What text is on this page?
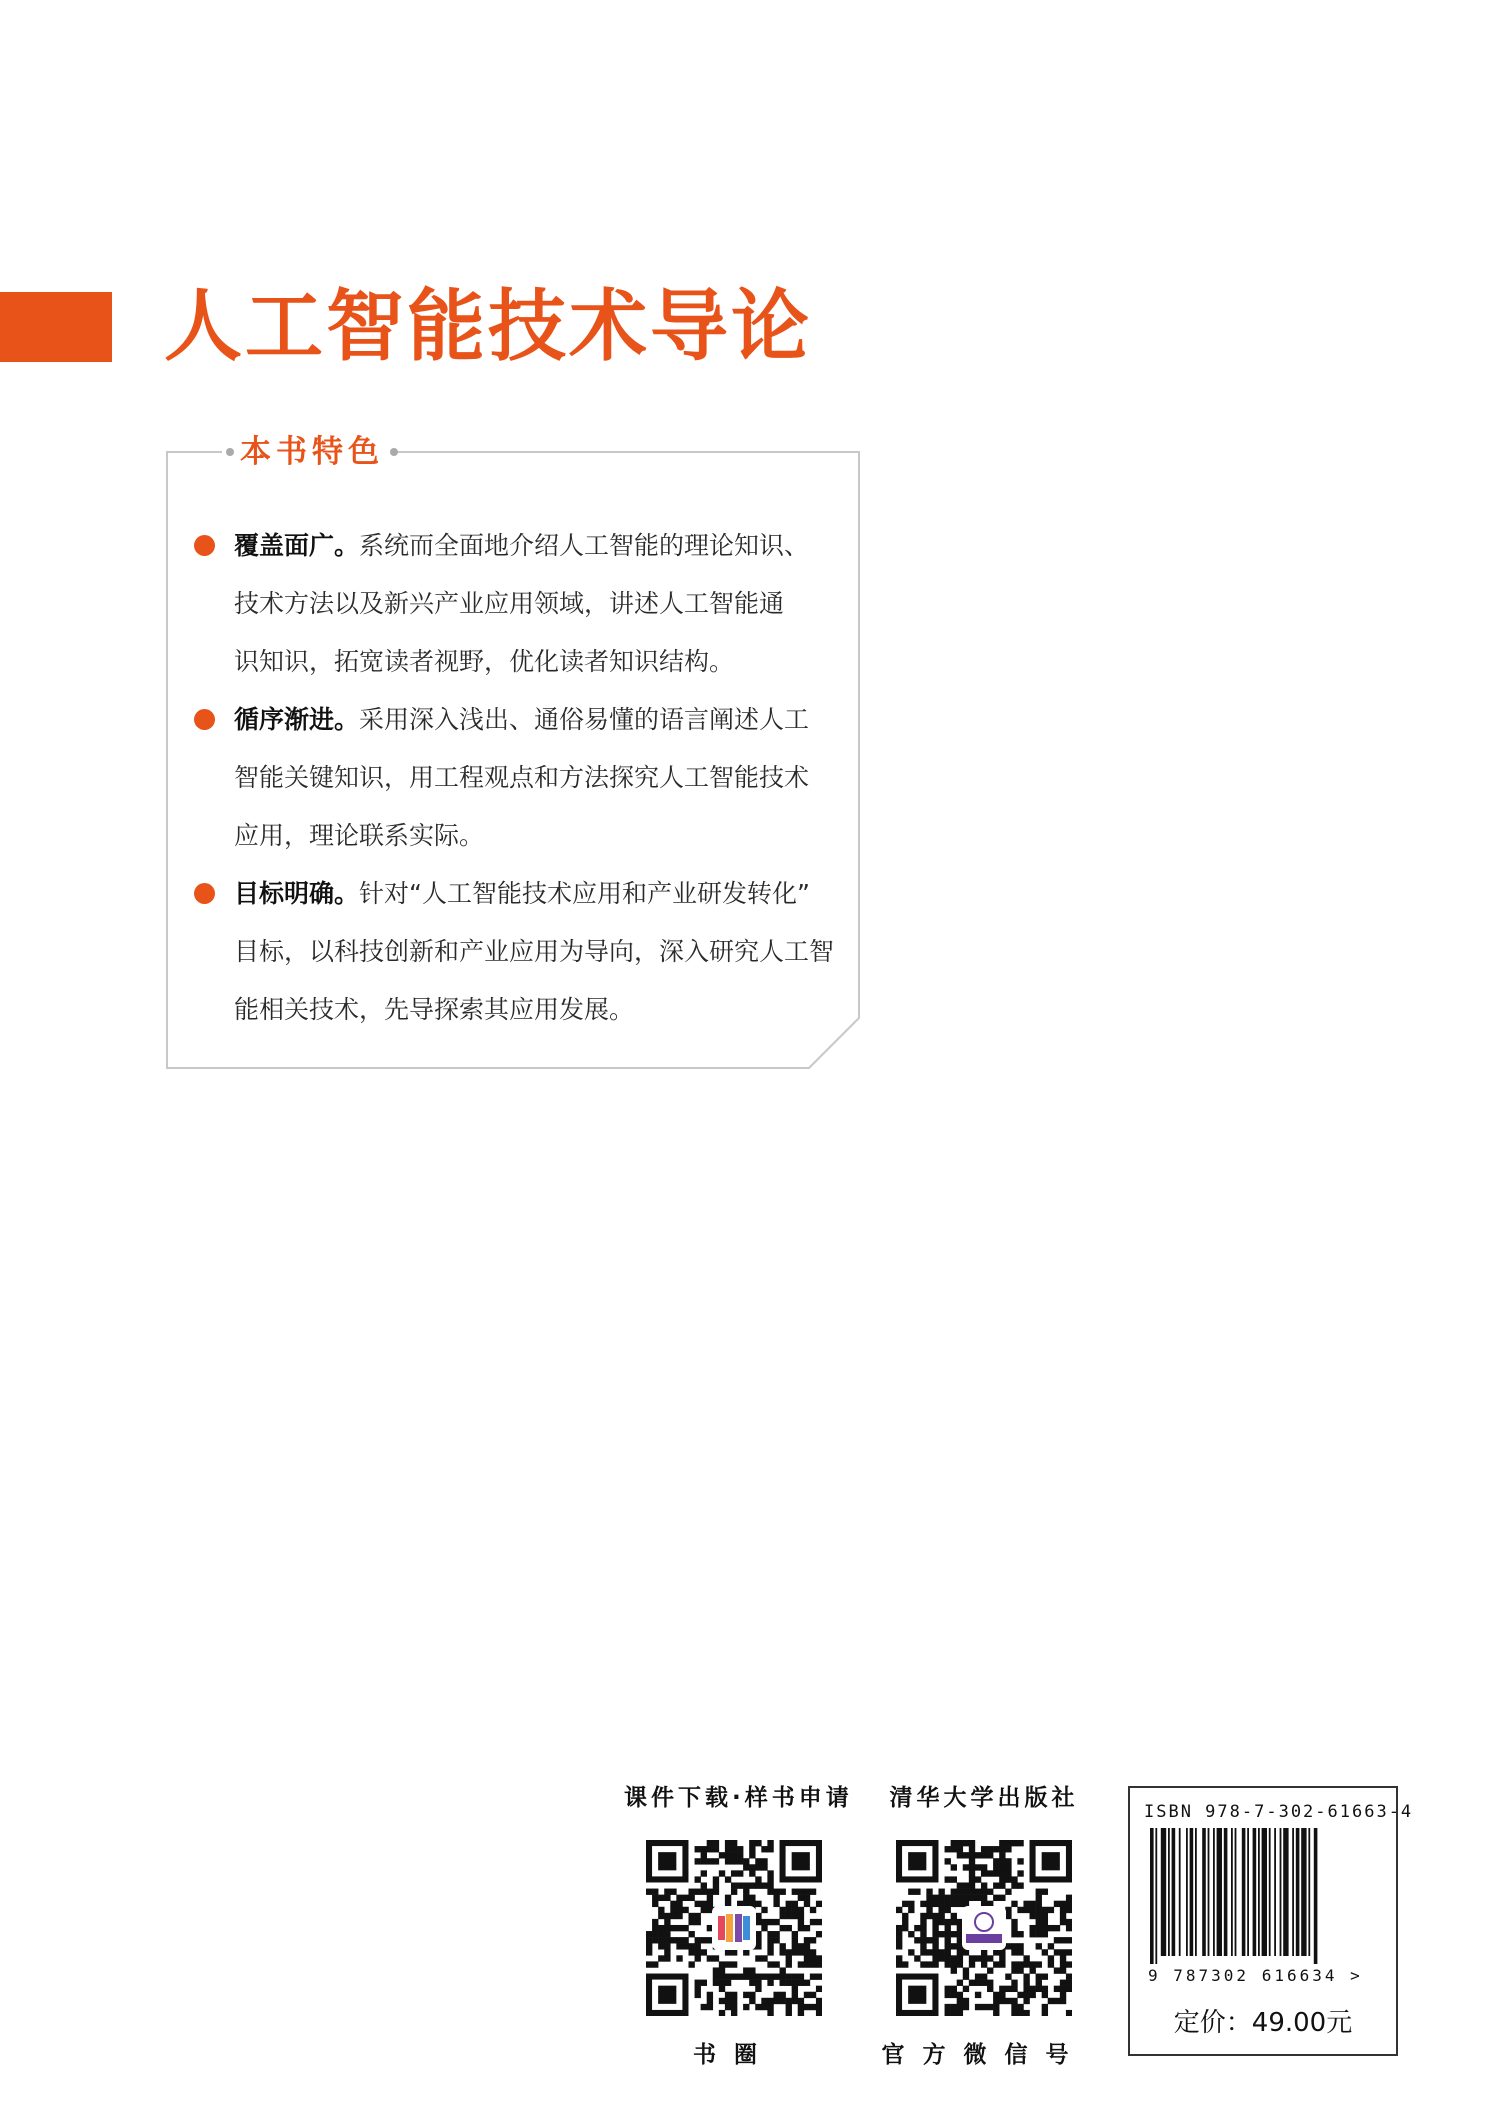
人工智能技术导论
本书特色
覆盖面广。系统而全面地介绍人工智能的理论知识、
技术方法以及新兴产业应用领域，讲述人工智能通
识知识，拓宽读者视野，优化读者知识结构。
循序渐进。采用深入浅出、通俗易懂的语言阐述人工
智能关键知识，用工程观点和方法探究人工智能技术
应用，理论联系实际。
目标明确。针对“人工智能技术应用和产业研发转化”
目标，以科技创新和产业应用为导向，深入研究人工智
能相关技术，先导探索其应用发展。
课件下载·样书申请
书圈
清华大学出版社
官方微信号
ISBN 978-7-302-61663-4
9 787302 616634 >
定价：49.00元
